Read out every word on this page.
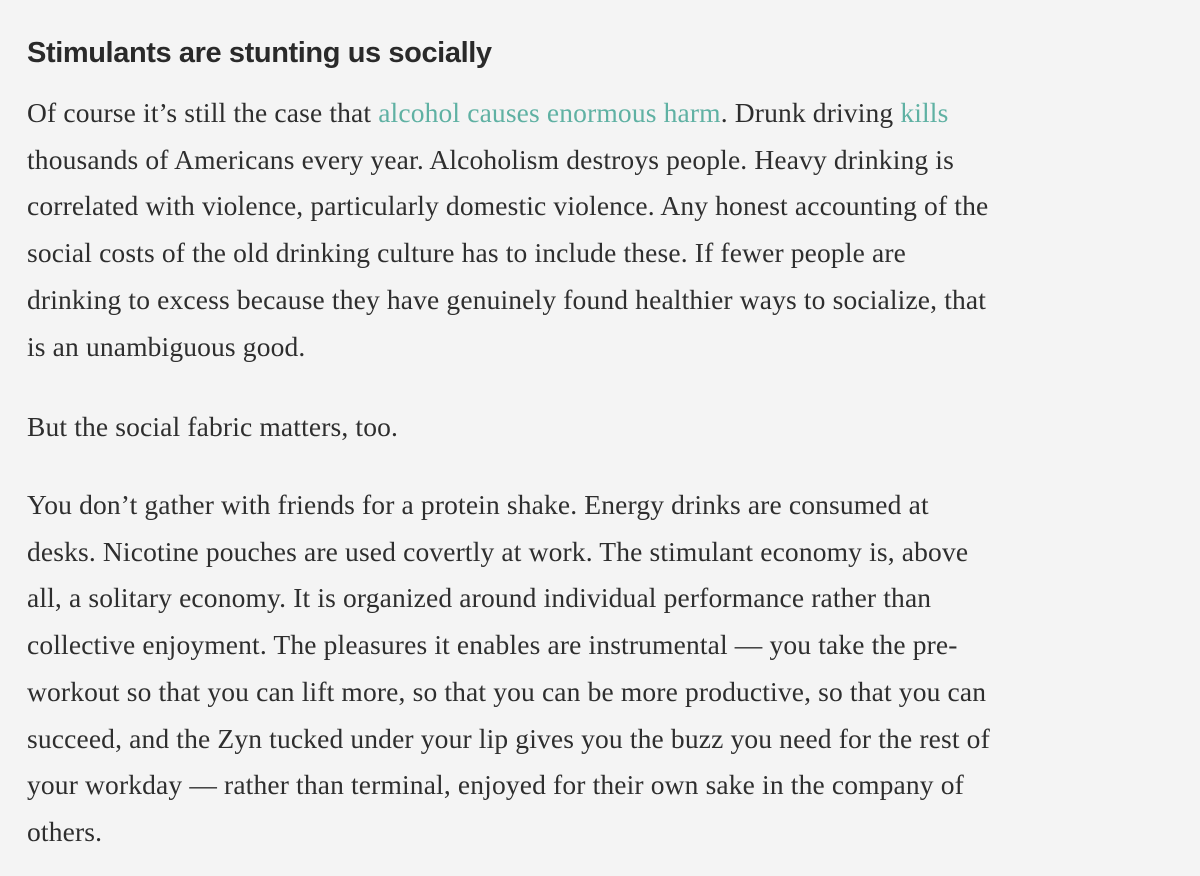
Stimulants are stunting us socially

Of course it’s still the case that alcohol causes enormous harm. Drunk driving kills
thousands of Americans every year. Alcoholism destroys people. Heavy drinking is
correlated with violence, particularly domestic violence. Any honest accounting of the
social costs of the old drinking culture has to include these. If fewer people are
drinking to excess because they have genuinely found healthier ways to socialize, that
is an unambiguous good.

But the social fabric matters, too.

You don’t gather with friends for a protein shake. Energy drinks are consumed at
desks. Nicotine pouches are used covertly at work. The stimulant economy is, above
all, a solitary economy. It is organized around individual performance rather than
collective enjoyment. The pleasures it enables are instrumental — you take the pre-
workout so that you can lift more, so that you can be more productive, so that you can
succeed, and the Zyn tucked under your lip gives you the buzz you need for the rest of
your workday — rather than terminal, enjoyed for their own sake in the company of
others.
